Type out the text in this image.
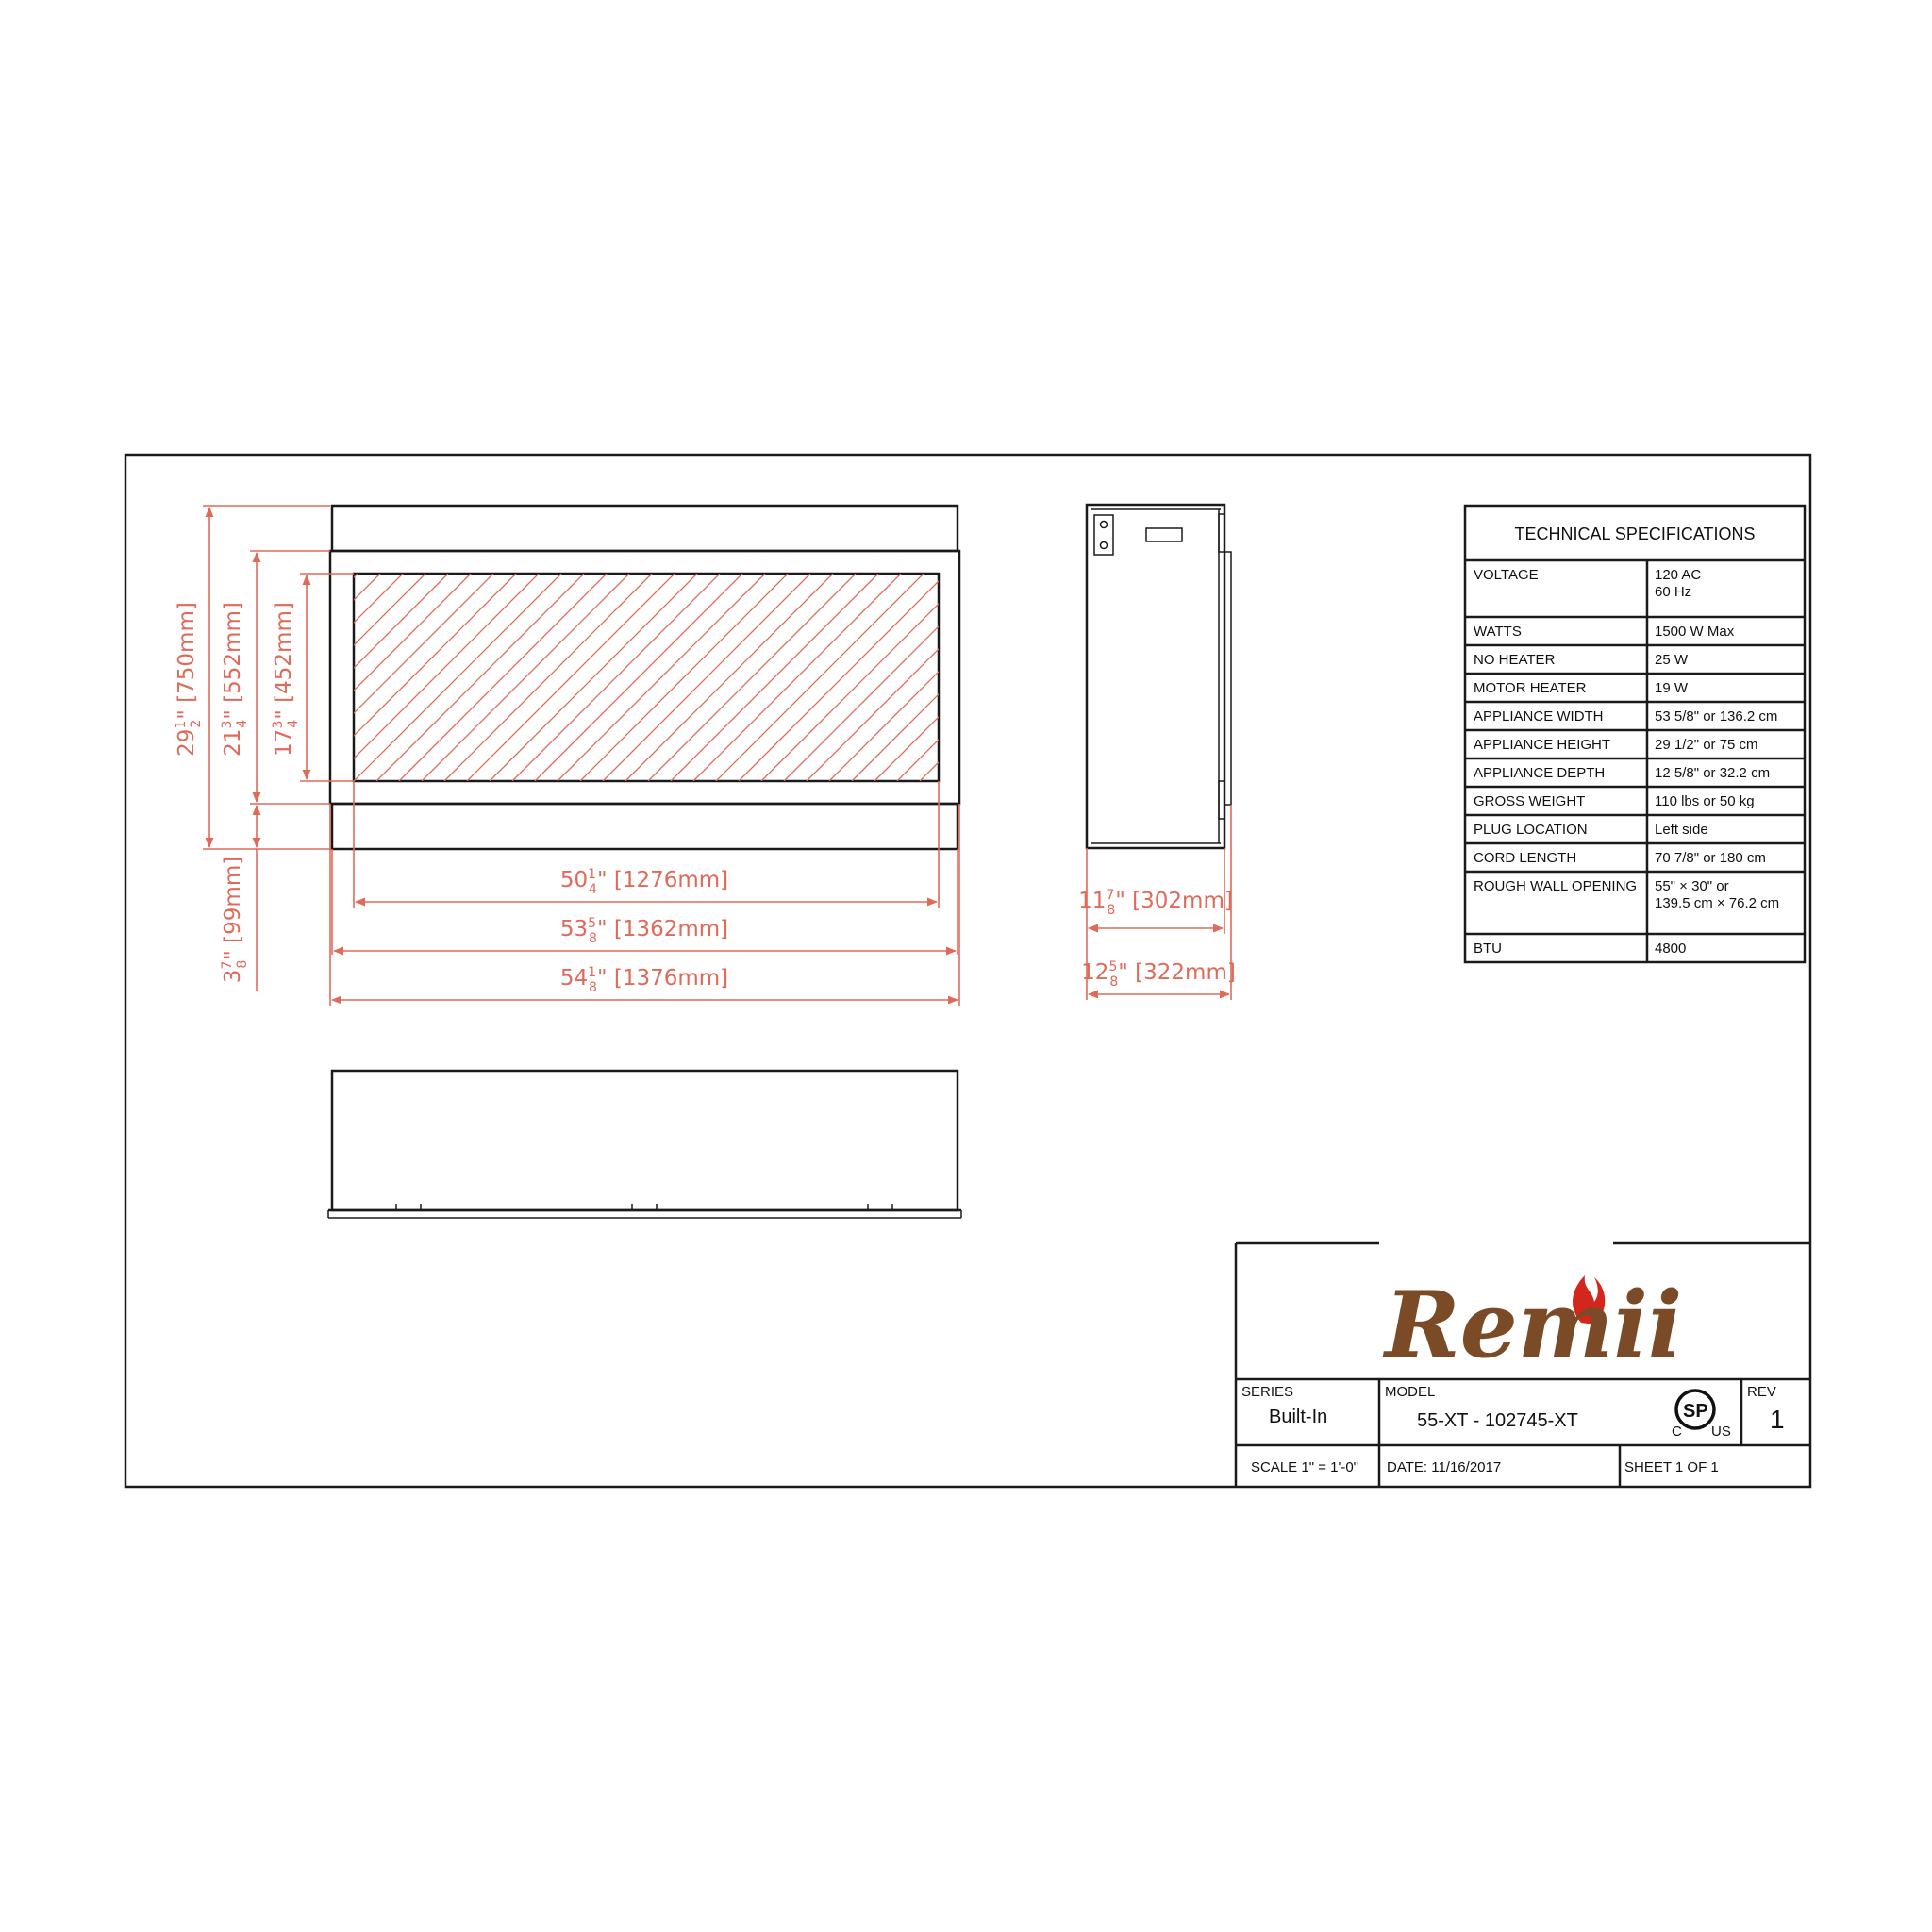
$29^12$" [750mm]
$21^34$" [552mm]
$17^34$" [452mm]
$3^78$" [99mm]	$50^1$ 4" [1276mm]
$53^5$ 8" [1362mm]
$54^1$ 8" [1376mm]
$11^7$ 8" [302mm]
$12^5$ 8" [322mm]
TECHNICAL SPECIFICATIONS
VOLTAGE	120 AC
60 Hz
WATTS	1500 W Max
NO HEATER	25 W
MOTOR HEATER	19 W
APPLIANCE WIDTH	53 5/8" or 136.2 cm
APPLIANCE HEIGHT	29 1/2" or 75 cm
APPLIANCE DEPTH	12 5/8" or 32.2 cm
GROSS WEIGHT	110 lbs or 50 kg
PLUG LOCATION	Left side
CORD LENGTH	70 7/8" or 180 cm
ROUGH WALL OPENING 55" × 30" or
139.5 cm × 76.2 cm
BTU	4800
Remii
SERIES
Built-In
MODEL
55-XT - 102745-XT
REV
1
SP
C US
SCALE 1" = 1'-0" DATE: 11/16/2017	SHEET 1 OF 1
